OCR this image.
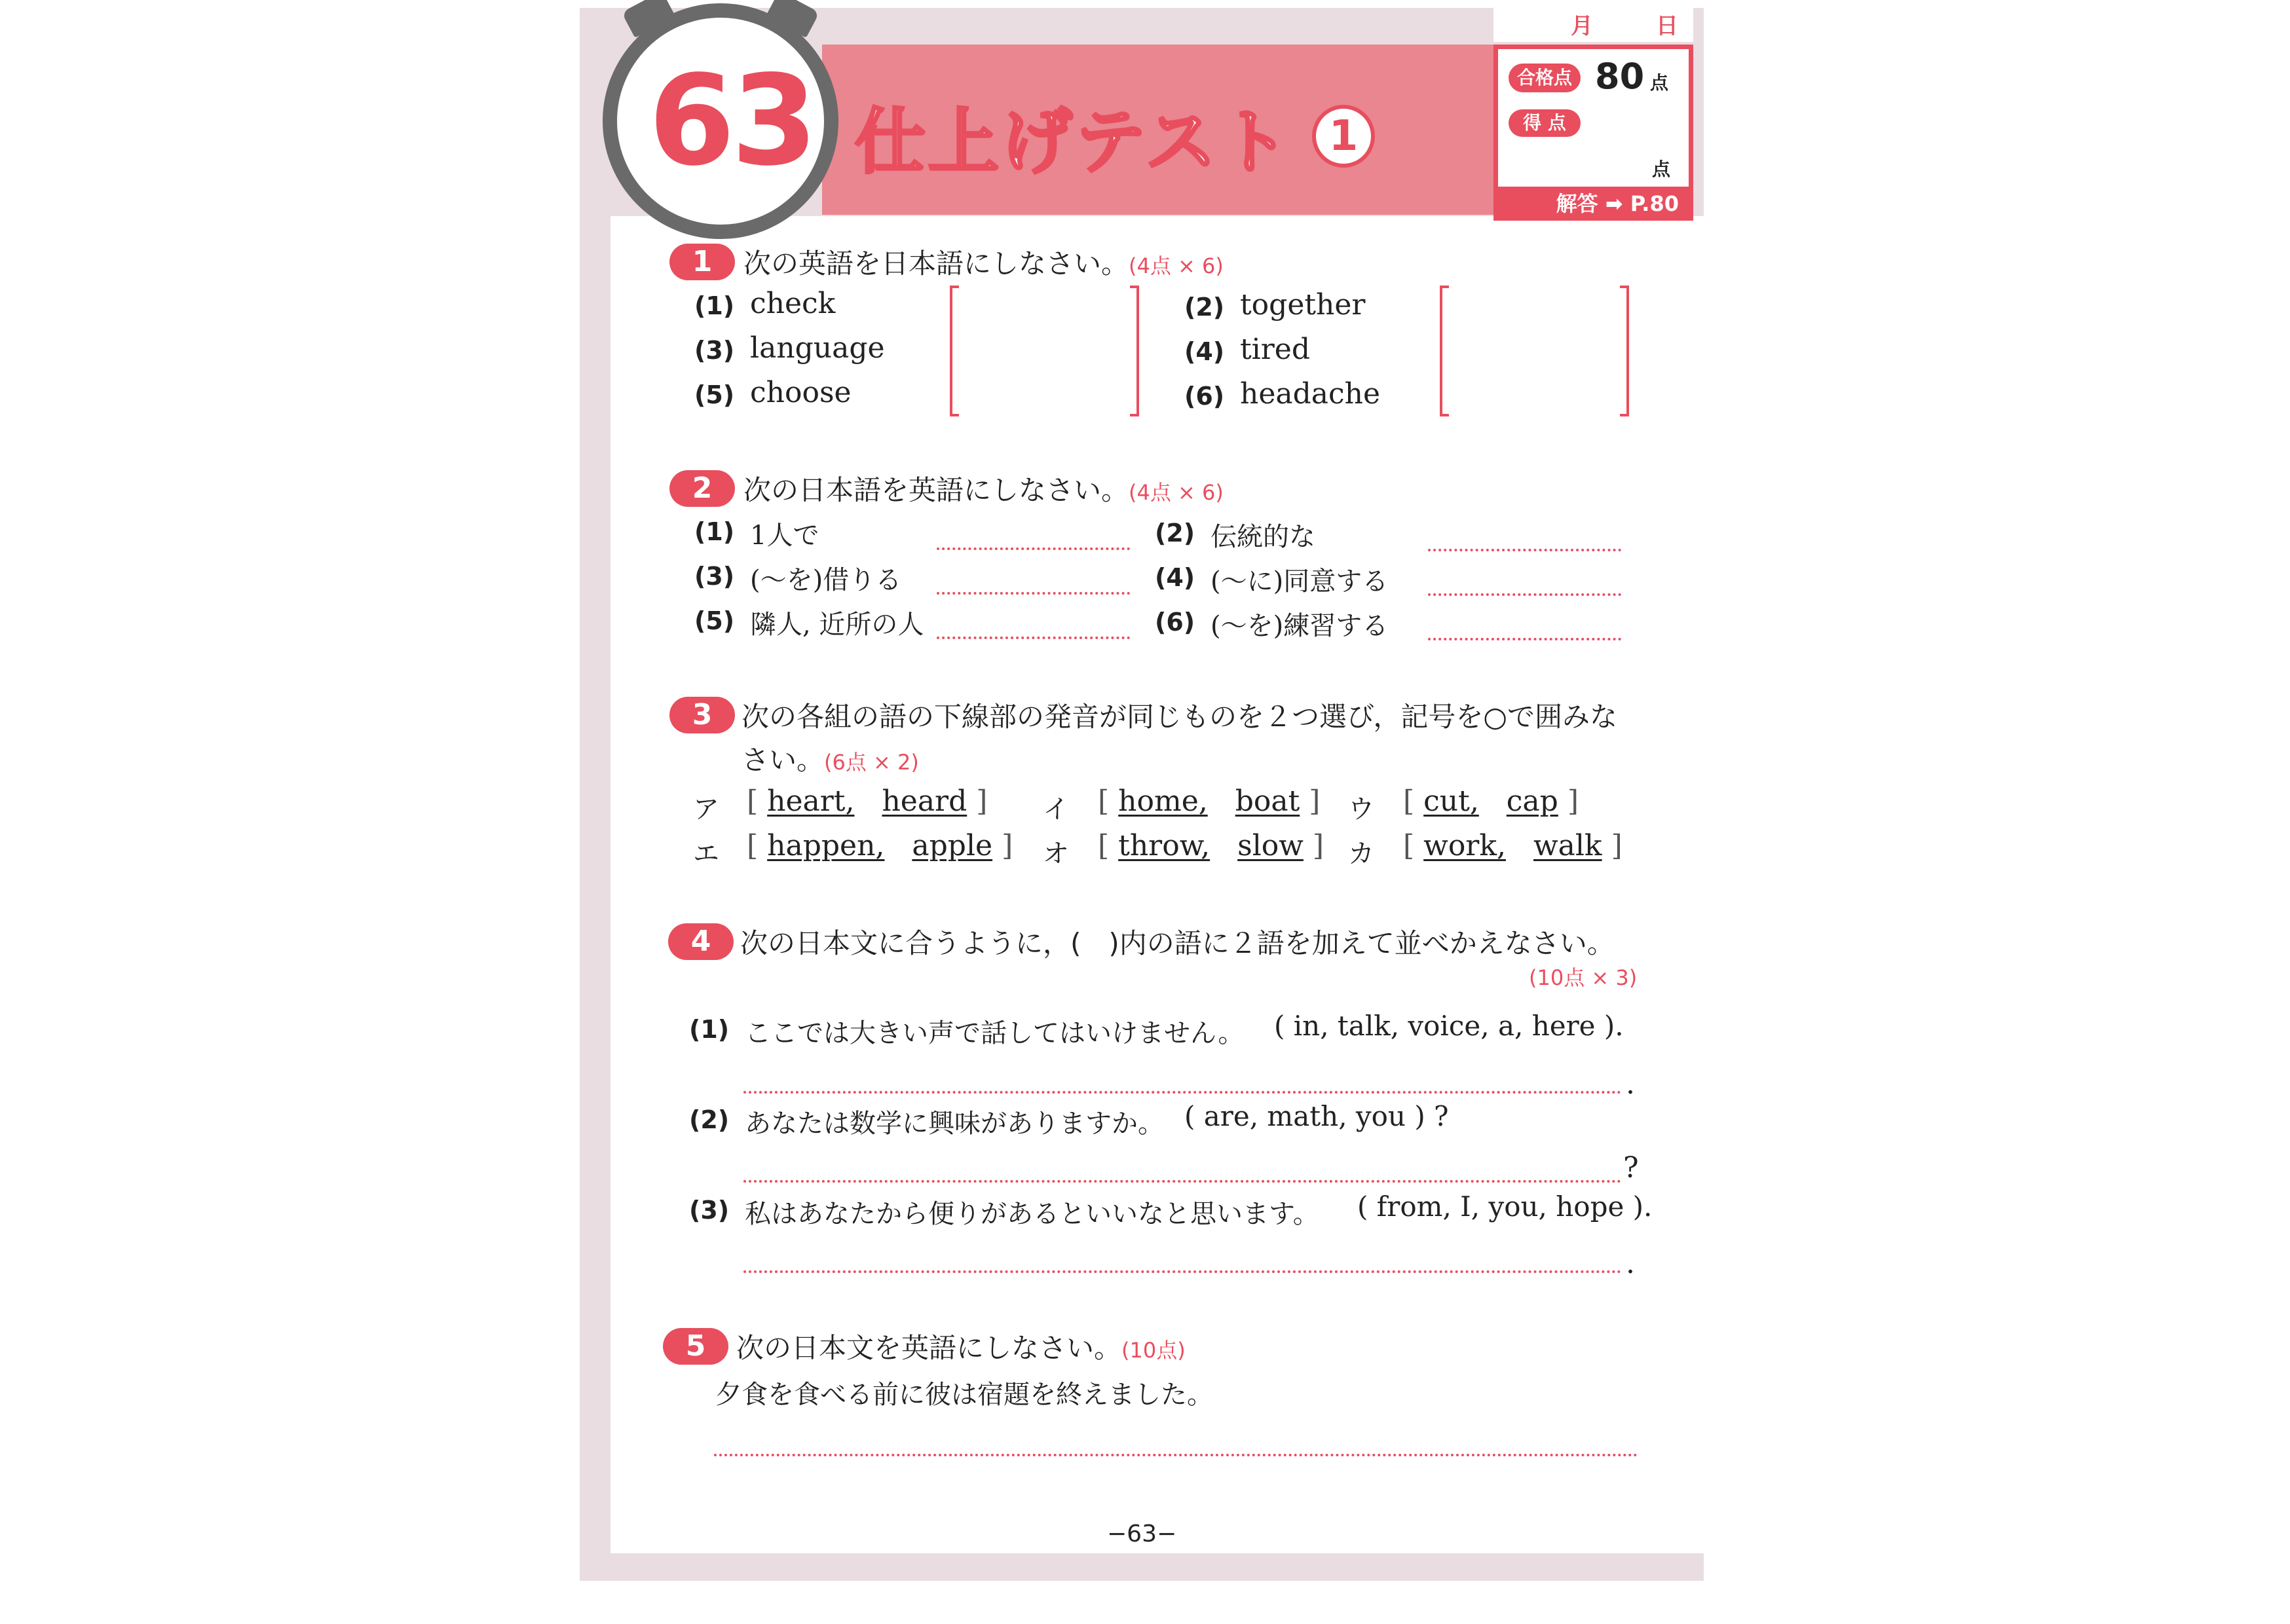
月	日
合格点 80 点
得 点
点
解答 ➡ P.80
63 仕上げテスト 1
1	次の英語を日本語にしなさい。(4点 × 6)
(1) check
(3) language
(5) choose
(2) together
(4) tired
(6) headache
2	次の日本語を英語にしなさい。(4点 × 6)
(1) 1人で
(3) (〜を)借りる
(5) 隣人, 近所の人
(2) 伝統的な
(4) (〜に)同意する
(6) (〜を)練習する
3	次の各組の語の下線部の発音が同じものを２つ選び，記号を○で囲みな
さい。(6点 × 2)
ア [ heart, heard ] イ [ home, boat ] ウ [ cut, cap ]
エ [ happen, apple ] オ [ throw, slow ] カ [ work, walk ]
4	次の日本文に合うように，(　)内の語に２語を加えて並べかえなさい。
(10点 × 3)
(1) ここでは大きい声で話してはいけません。 ( in, talk, voice, a, here ).
.
(2) あなたは数学に興味がありますか。 ( are, math, you ) ?
?
(3) 私はあなたから便りがあるといいなと思います。 ( from, I, you, hope ).
.
5	次の日本文を英語にしなさい。(10点)
夕食を食べる前に彼は宿題を終えました。
−63−
